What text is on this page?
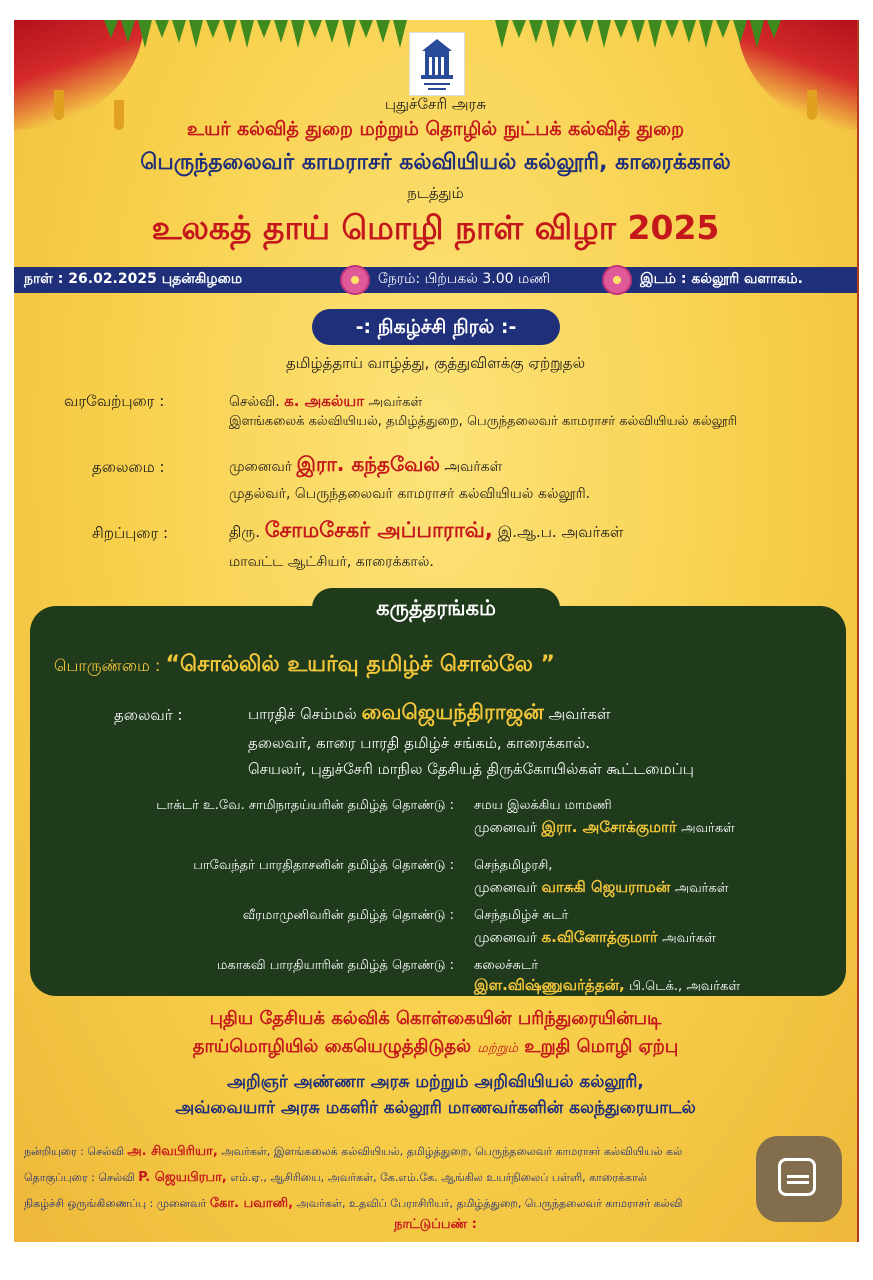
புதுச்சேரி அரசு
உயர் கல்வித் துறை மற்றும் தொழில் நுட்பக் கல்வித் துறை
பெருந்தலைவர் காமராசர் கல்வியியல் கல்லூரி, காரைக்கால்
நடத்தும்
உலகத் தாய் மொழி நாள் விழா 2025
நாள் : 26.02.2025 புதன்கிழமை	நேரம்: பிற்பகல் 3.00 மணி	இடம் : கல்லூரி வளாகம்.
-: நிகழ்ச்சி நிரல் :-
தமிழ்த்தாய் வாழ்த்து, குத்துவிளக்கு ஏற்றுதல்
வரவேற்புரை :	செல்வி. க. அகல்யா அவர்கள்
இளங்கலைக் கல்வியியல், தமிழ்த்துறை, பெருந்தலைவர் காமராசர் கல்வியியல் கல்லூரி
தலைமை :	முனைவர் இரா. கந்தவேல் அவர்கள்
முதல்வர், பெருந்தலைவர் காமராசர் கல்வியியல் கல்லூரி.
சிறப்புரை :	திரு. சோமசேகர் அப்பாராவ், இ.ஆ.ப. அவர்கள்
மாவட்ட ஆட்சியர், காரைக்கால்.
பொருண்மை : “சொல்லில் உயர்வு தமிழ்ச் சொல்லே ”
தலைவர் :	பாரதிச் செம்மல் வைஜெயந்திராஜன் அவர்கள்
தலைவர், காரை பாரதி தமிழ்ச் சங்கம், காரைக்கால்.
செயலர், புதுச்சேரி மாநில தேசியத் திருக்கோயில்கள் கூட்டமைப்பு
டாக்டர் உ.வே. சாமிநாதய்யரின் தமிழ்த் தொண்டு : சமய இலக்கிய மாமணி
முனைவர் இரா. அசோக்குமார் அவர்கள்
பாவேந்தர் பாரதிதாசனின் தமிழ்த் தொண்டு : செந்தமிழரசி,
முனைவர் வாசுகி ஜெயராமன் அவர்கள்
வீரமாமுனிவரின் தமிழ்த் தொண்டு : செந்தமிழ்ச் சுடர்
முனைவர் க.வினோத்குமார் அவர்கள்
மகாகவி பாரதியாரின் தமிழ்த் தொண்டு : கலைச்சுடர்
இள.விஷ்ணுவர்த்தன், பி.டெக்., அவர்கள்
கருத்தரங்கம்
புதிய தேசியக் கல்விக் கொள்கையின் பரிந்துரையின்படி
தாய்மொழியில் கையெழுத்திடுதல் மற்றும் உறுதி மொழி ஏற்பு
அறிஞர் அண்ணா அரசு மற்றும் அறிவியியல் கல்லூரி,
அவ்வையார் அரசு மகளிர் கல்லூரி மாணவர்களின் கலந்துரையாடல்
நன்றியுரை : செல்வி அ. சிவபிரியா, அவர்கள், இளங்கலைக் கல்வியியல், தமிழ்த்துறை, பெருந்தலைவர் காமராசர் கல்வியியல் கல்
தொகுப்புரை : செல்வி P. ஜெயபிரபா, எம்.ஏ., ஆசிரியை, அவர்கள், கே.எம்.கே. ஆங்கில உயர்நிலைப் பள்ளி, காரைக்கால்
நிகழ்ச்சி ஒருங்கிணைப்பு : முனைவர் கோ. பவானி, அவர்கள், உதவிப் பேராசிரியர், தமிழ்த்துறை, பெருந்தலைவர் காமராசர் கல்வி
நாட்டுப்பண் :
